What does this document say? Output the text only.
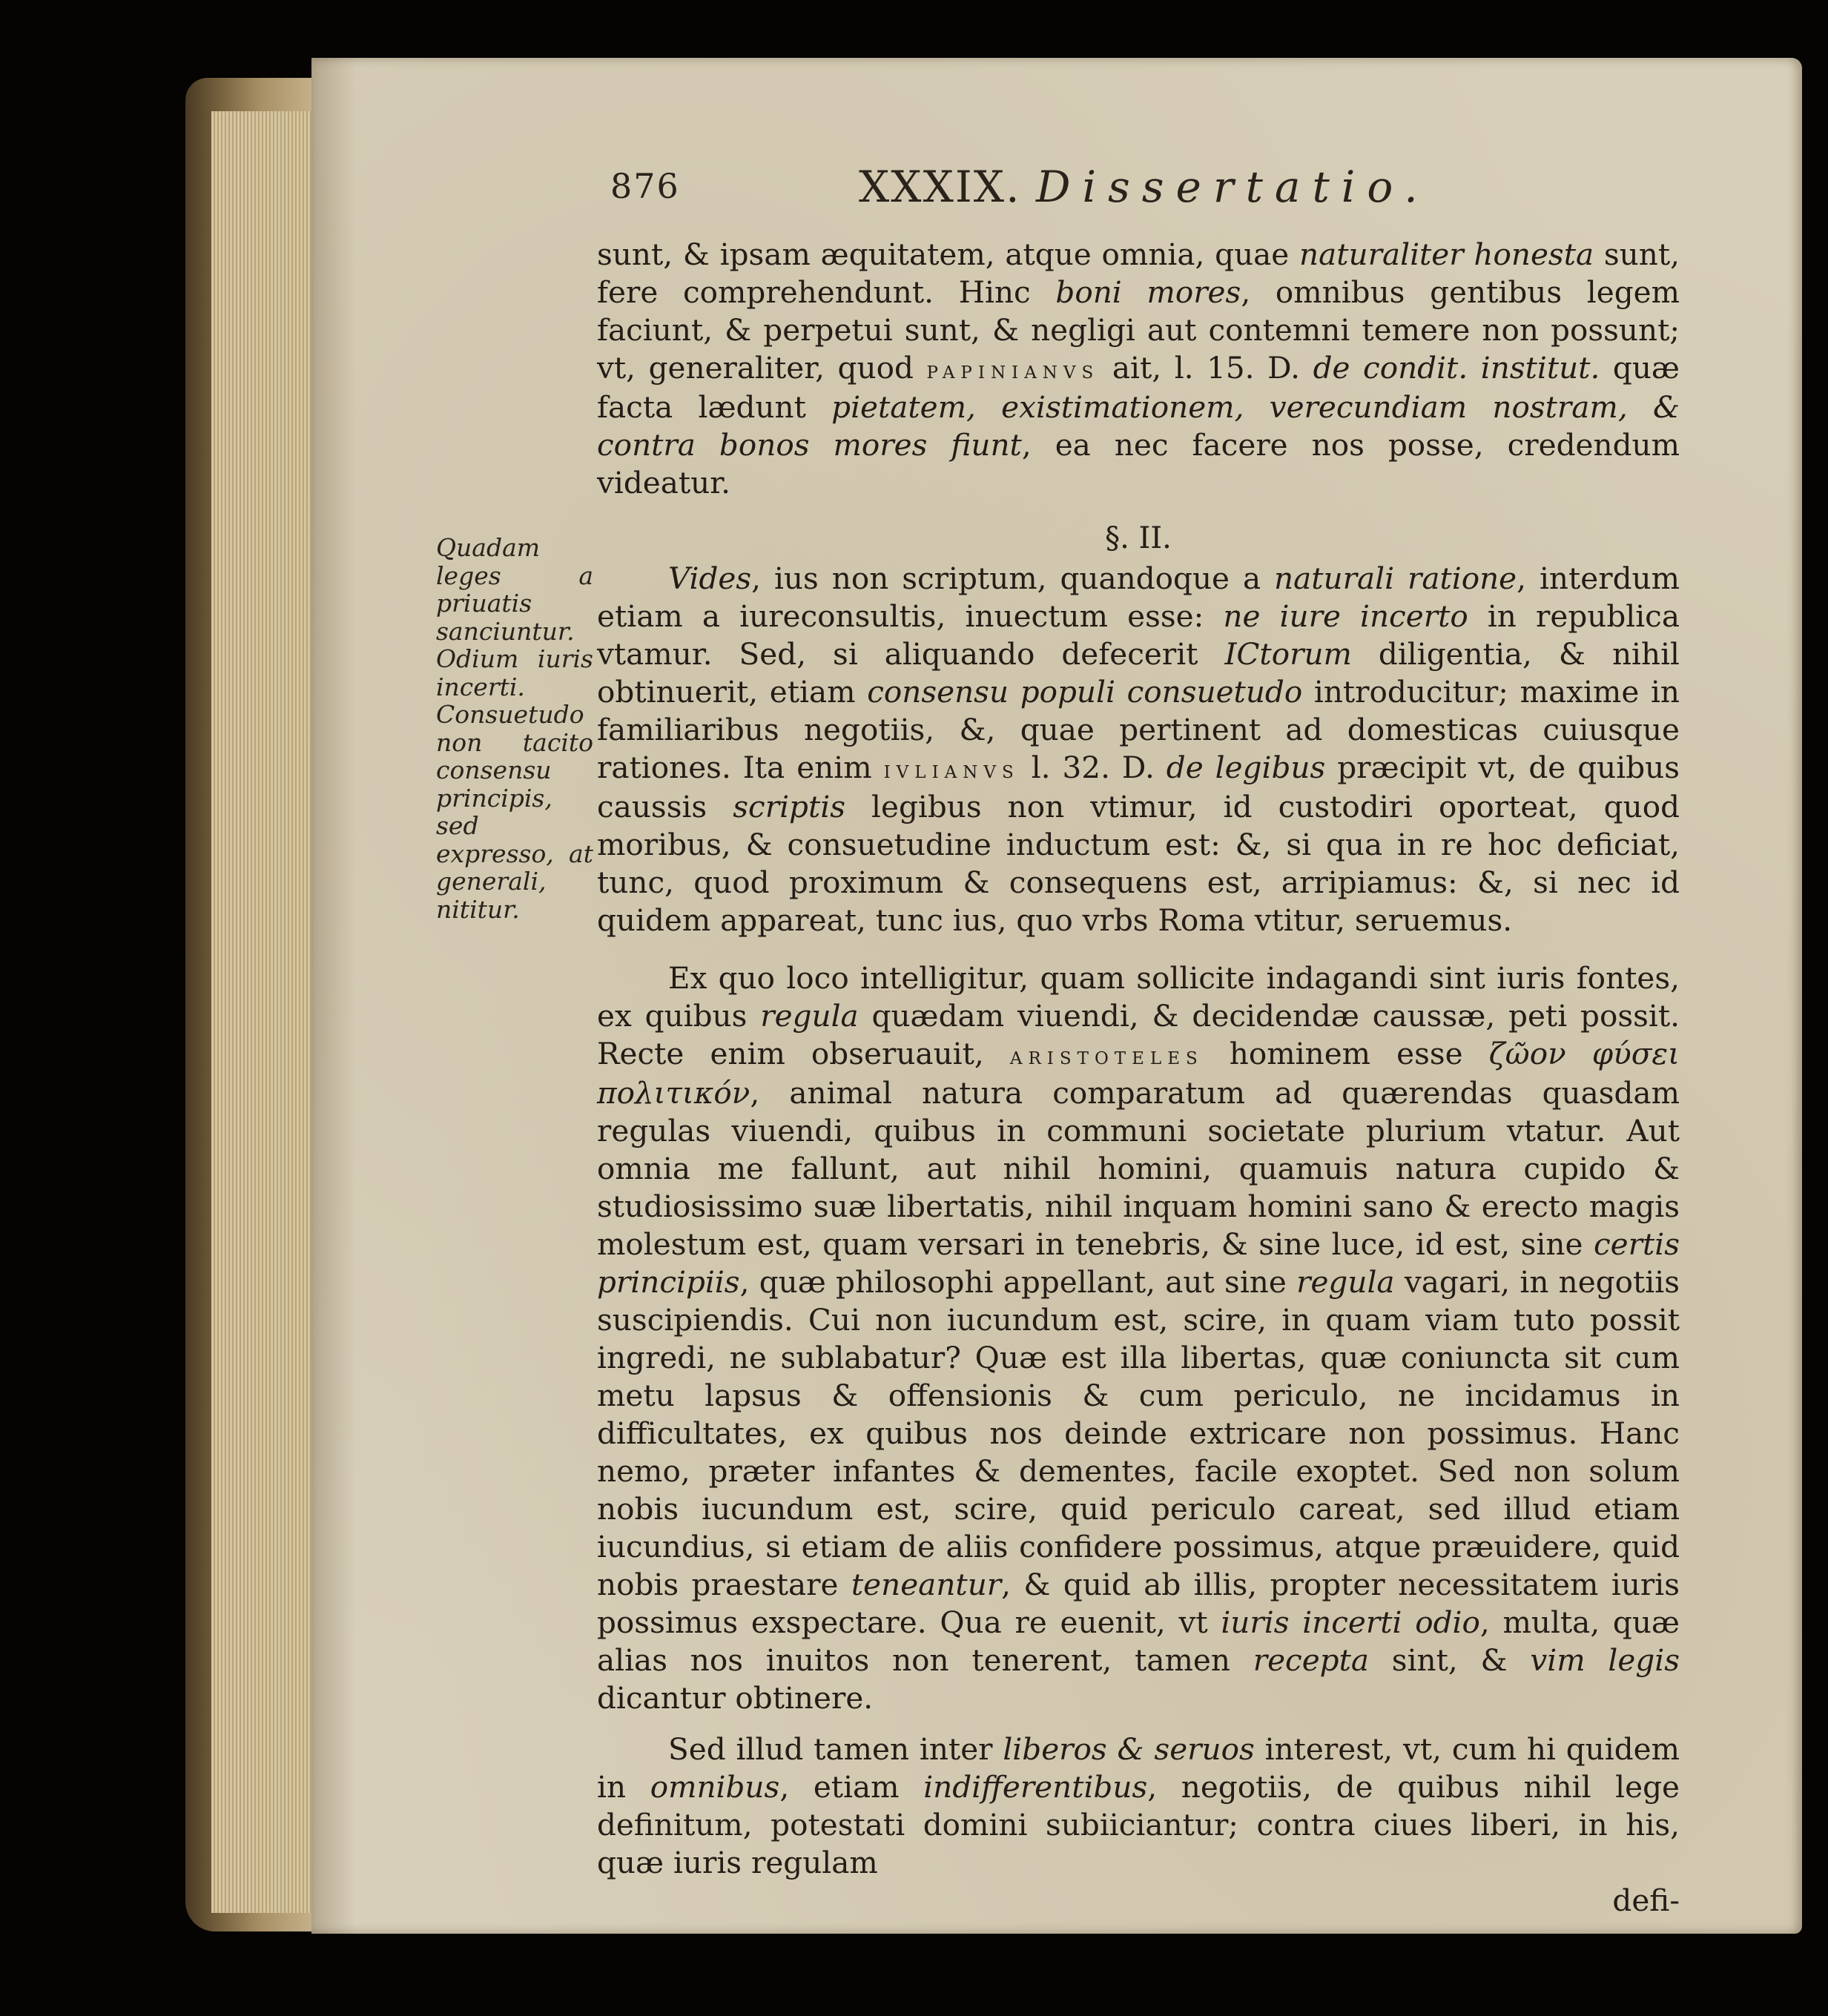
876	XXXIX. Dissertatio.
Quadam leges a priuatis sanciuntur. Odium iuris incerti. Consuetudo non tacito consensu principis, sed expresso, at generali, nititur.

sunt, & ipsam æquitatem, atque omnia, quae naturaliter honesta sunt, fere comprehendunt. Hinc boni mores, omnibus gentibus legem faciunt, & perpetui sunt, & negligi aut contemni temere non possunt; vt, generaliter, quod papinianvs ait, l. 15. D. de condit. institut. quæ facta lædunt pietatem, existimationem, verecundiam nostram, & contra bonos mores fiunt, ea nec facere nos posse, credendum videatur.

§. II.

Vides, ius non scriptum, quandoque a naturali ratione, interdum etiam a iureconsultis, inuectum esse: ne iure incerto in republica vtamur. Sed, si aliquando defecerit ICtorum diligentia, & nihil obtinuerit, etiam consensu populi consuetudo introducitur; maxime in familiaribus negotiis, &, quae pertinent ad domesticas cuiusque rationes. Ita enim ivlianvs l. 32. D. de legibus præcipit vt, de quibus caussis scriptis legibus non vtimur, id custodiri oporteat, quod moribus, & consuetudine inductum est: &, si qua in re hoc deficiat, tunc, quod proximum & consequens est, arripiamus: &, si nec id quidem appareat, tunc ius, quo vrbs Roma vtitur, seruemus.

Ex quo loco intelligitur, quam sollicite indagandi sint iuris fontes, ex quibus regula quædam viuendi, & decidendæ caussæ, peti possit. Recte enim obseruauit, aristoteles hominem esse ζῶον φύσει πολιτικόν, animal natura comparatum ad quærendas quasdam regulas viuendi, quibus in communi societate plurium vtatur. Aut omnia me fallunt, aut nihil homini, quamuis natura cupido & studiosissimo suæ libertatis, nihil inquam homini sano & erecto magis molestum est, quam versari in tenebris, & sine luce, id est, sine certis principiis, quæ philosophi appellant, aut sine regula vagari, in negotiis suscipiendis. Cui non iucundum est, scire, in quam viam tuto possit ingredi, ne sublabatur? Quæ est illa libertas, quæ coniuncta sit cum metu lapsus & offensionis & cum periculo, ne incidamus in difficultates, ex quibus nos deinde extricare non possimus. Hanc nemo, præter infantes & dementes, facile exoptet. Sed non solum nobis iucundum est, scire, quid periculo careat, sed illud etiam iucundius, si etiam de aliis confidere possimus, atque præuidere, quid nobis praestare teneantur, & quid ab illis, propter necessitatem iuris possimus exspectare. Qua re euenit, vt iuris incerti odio, multa, quæ alias nos inuitos non tenerent, tamen recepta sint, & vim legis dicantur obtinere.

Sed illud tamen inter liberos & seruos interest, vt, cum hi quidem in omnibus, etiam indifferentibus, negotiis, de quibus nihil lege definitum, potestati domini subiiciantur; contra ciues liberi, in his, quæ iuris regulam

defi-
